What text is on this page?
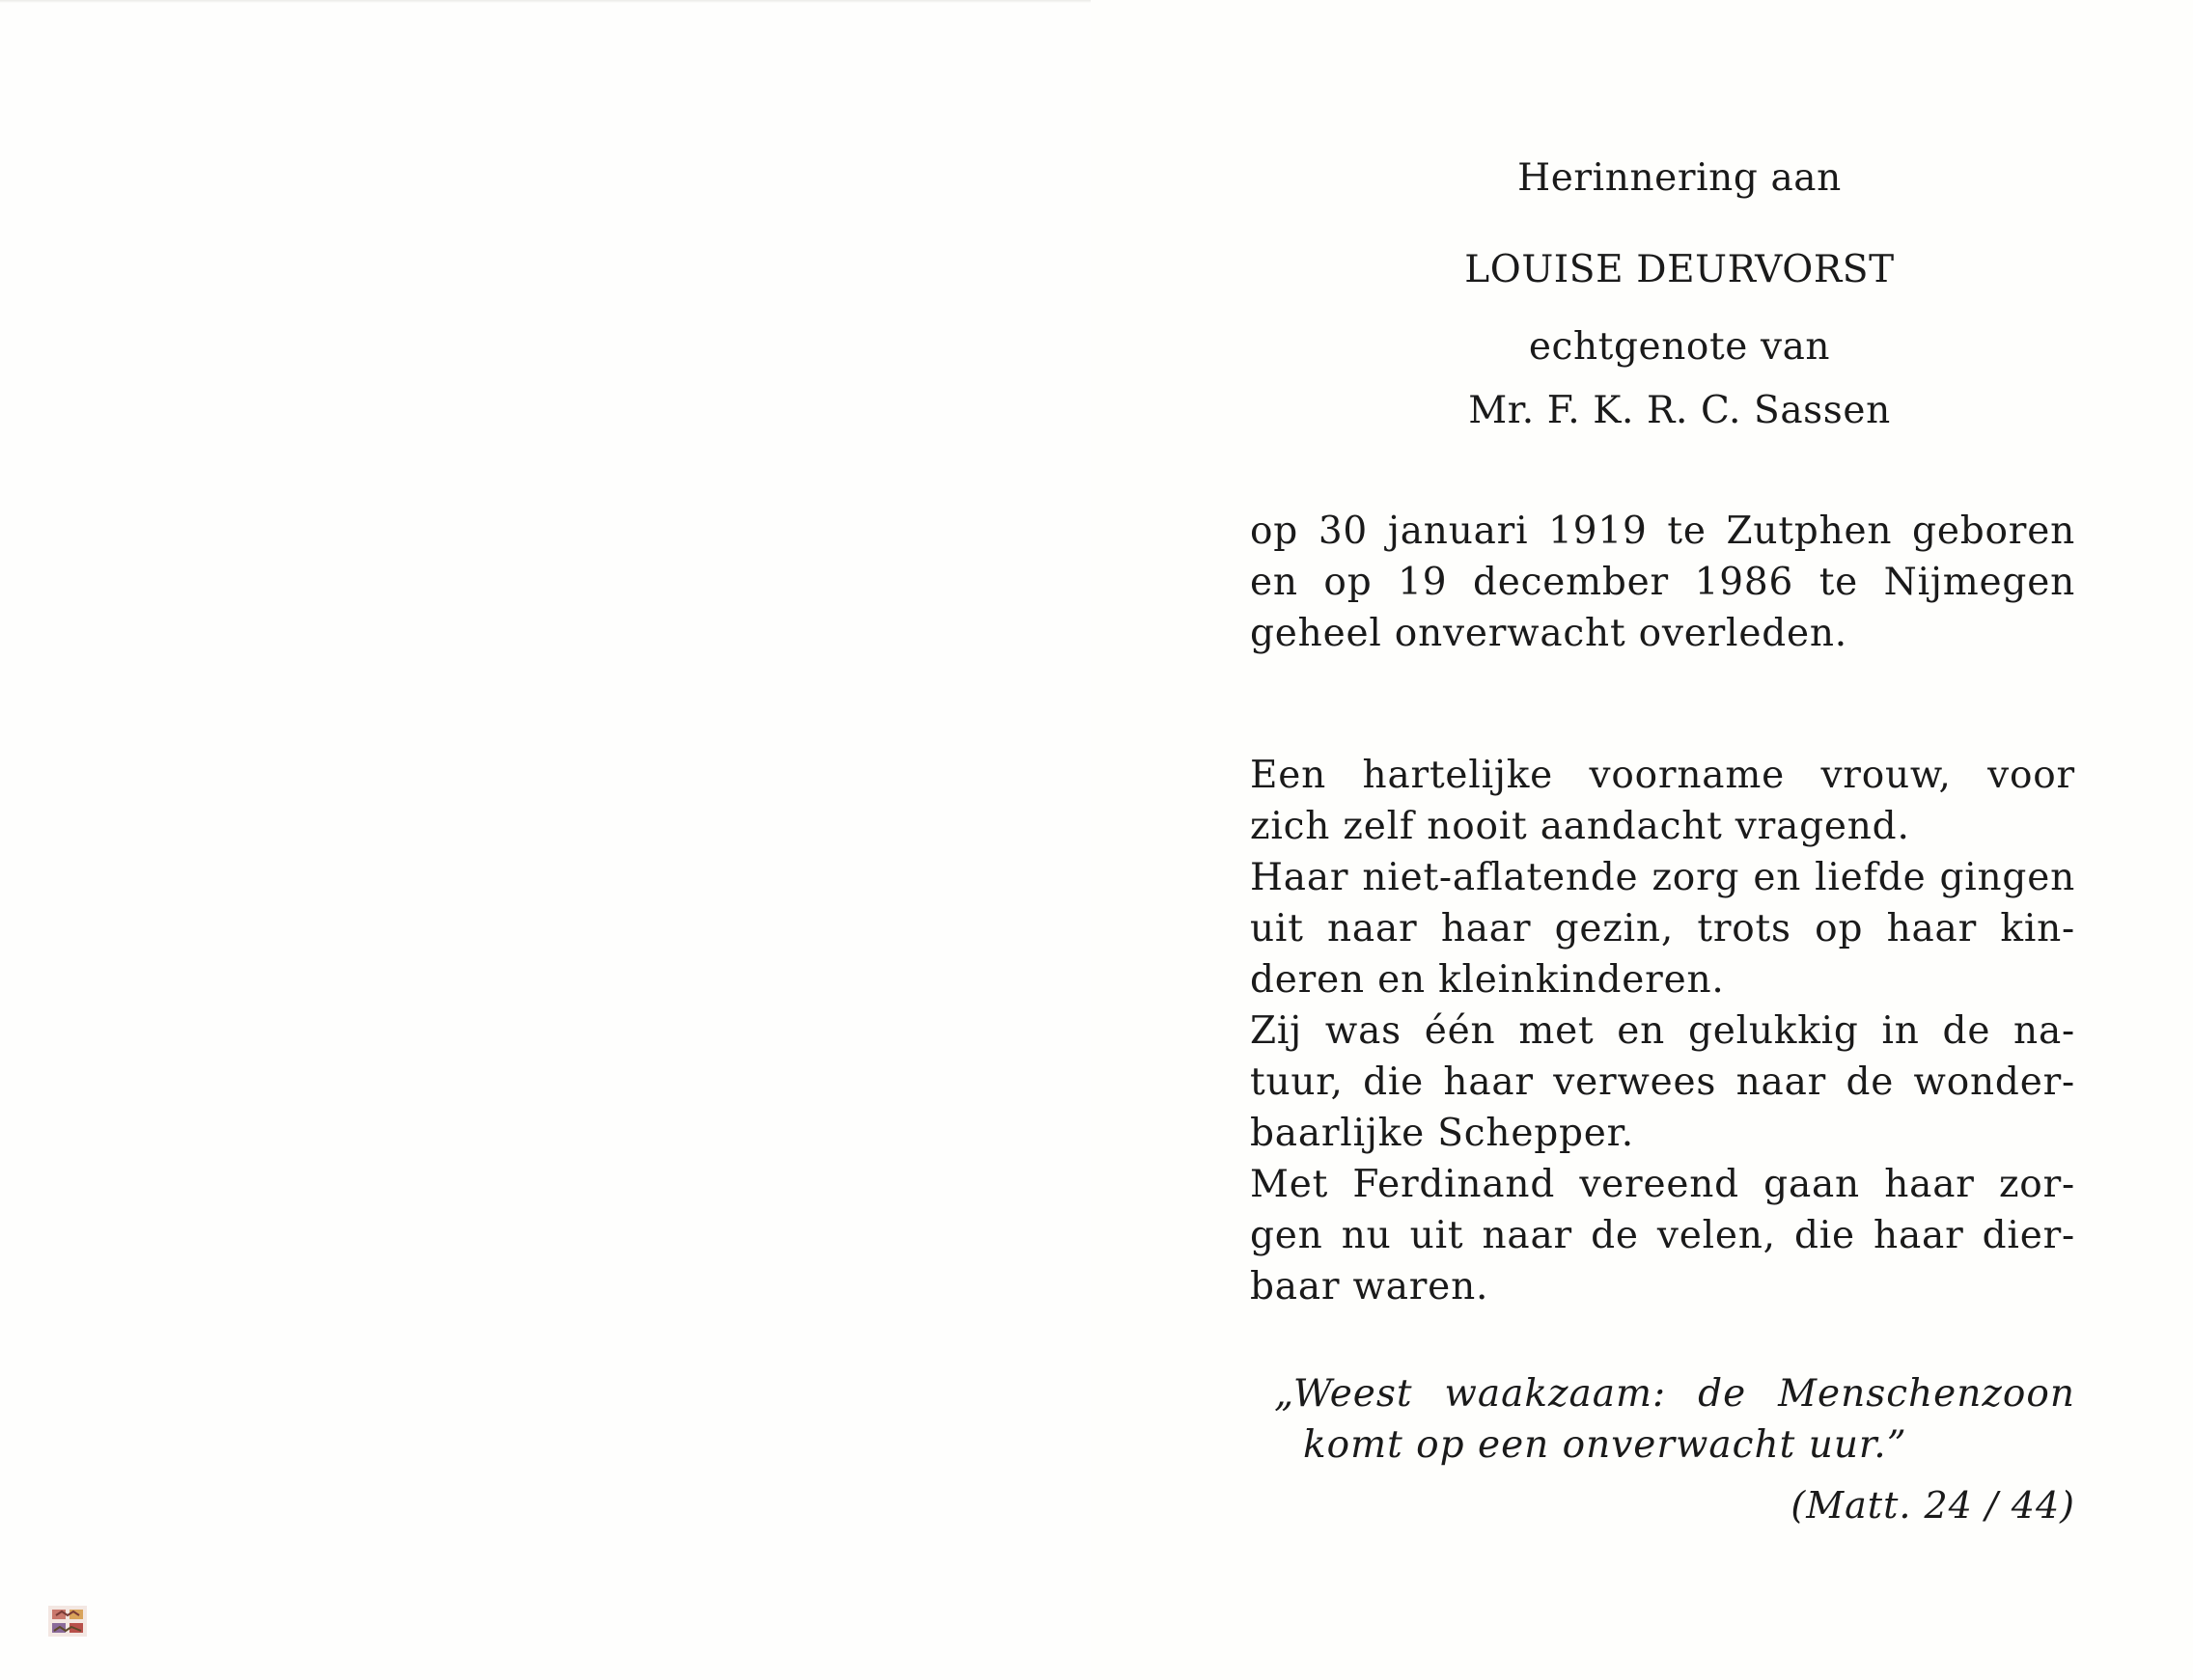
Herinnering aan
LOUISE DEURVORST
echtgenote van
Mr. F. K. R. C. Sassen
op 30 januari 1919 te Zutphen geboren
en op 19 december 1986 te Nijmegen
geheel onverwacht overleden.
Een hartelijke voorname vrouw, voor
zich zelf nooit aandacht vragend.
Haar niet-aflatende zorg en liefde gingen
uit naar haar gezin, trots op haar kin-
deren en kleinkinderen.
Zij was één met en gelukkig in de na-
tuur, die haar verwees naar de wonder-
baarlijke Schepper.
Met Ferdinand vereend gaan haar zor-
gen nu uit naar de velen, die haar dier-
baar waren.
„Weest waakzaam: de Menschenzoon
komt op een onverwacht uur.”
(Matt. 24 / 44)
